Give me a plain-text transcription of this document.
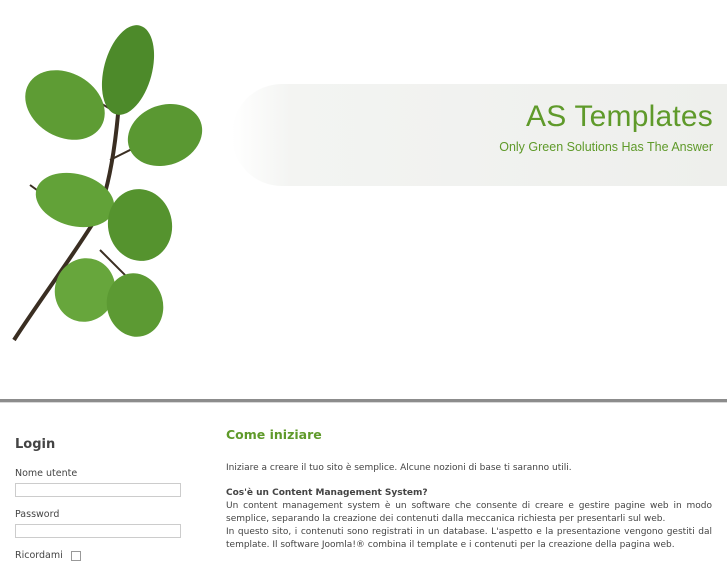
AS Templates
Only Green Solutions Has The Answer
Login
Nome utente
Password
Ricordami
Come iniziare

Iniziare a creare il tuo sito è semplice. Alcune nozioni di base ti saranno utili.

Cos'è un Content Management System?

Un content management system è un software che consente di creare e gestire pagine web in modo semplice, separando la creazione dei contenuti dalla meccanica richiesta per presentarli sul web.

In questo sito, i contenuti sono registrati in un database. L'aspetto e la presentazione vengono gestiti dal template. Il software Joomla!® combina il template e i contenuti per la creazione della pagina web.
